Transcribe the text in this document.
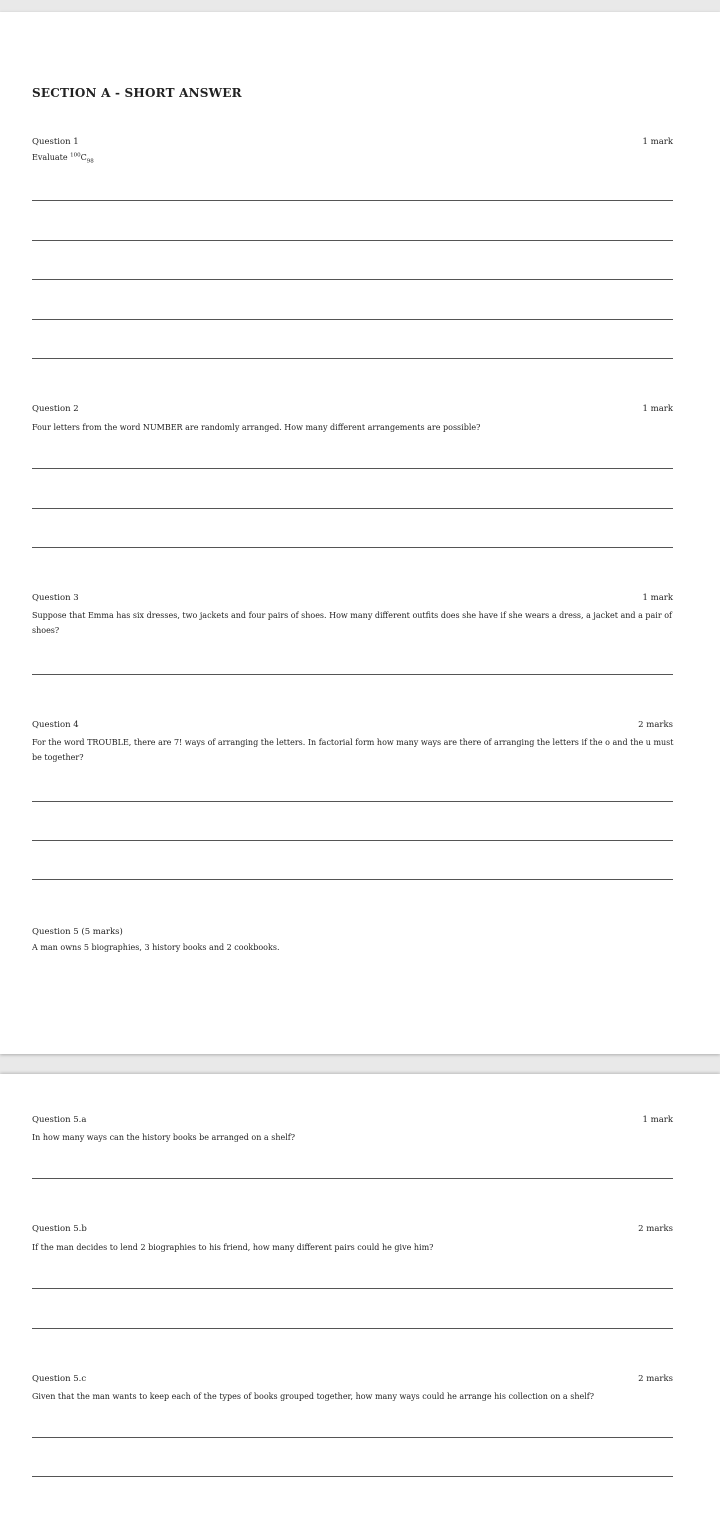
SECTION A - SHORT ANSWER
Question 1	1 mark
Evaluate $^{100}C_{98}$
Question 2	1 mark
Four letters from the word NUMBER are randomly arranged. How many different arrangements are possible?
Question 3	1 mark
Suppose that Emma has six dresses, two jackets and four pairs of shoes. How many different outfits does she have if she wears a dress, a jacket and a pair of shoes?
Question 4	2 marks
For the word TROUBLE, there are 7! ways of arranging the letters. In factorial form how many ways are there of arranging the letters if the o and the u must be together?
Question 5 (5 marks)
A man owns 5 biographies, 3 history books and 2 cookbooks.
Question 5.a	1 mark
In how many ways can the history books be arranged on a shelf?
Question 5.b	2 marks
If the man decides to lend 2 biographies to his friend, how many different pairs could he give him?
Question 5.c	2 marks
Given that the man wants to keep each of the types of books grouped together, how many ways could he arrange his collection on a shelf?
